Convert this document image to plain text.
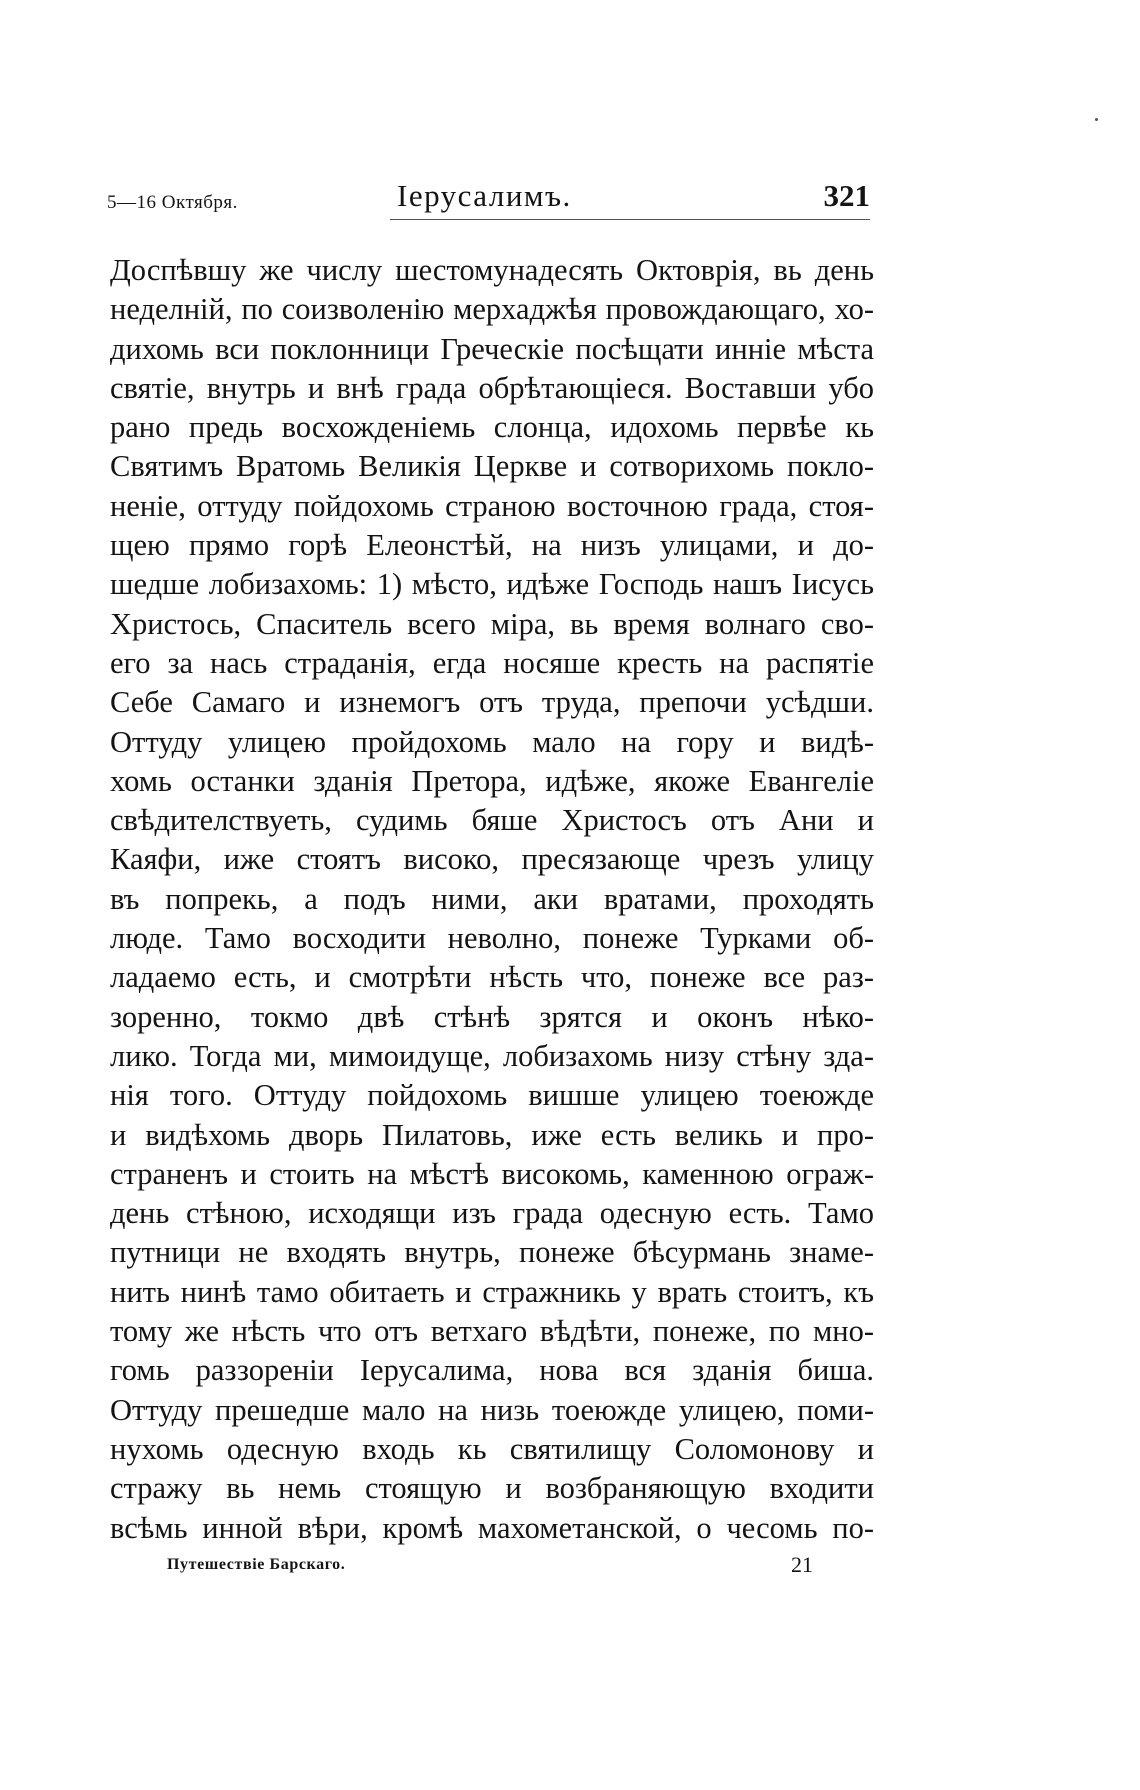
5—16 Октября.	Іерусалимъ.	321
Доспѣвшу же числу шестомунадесять Октоврія, вь день
неделній, по соизволенію мерхаджѣя провождающаго, хо-
дихомь вси поклонници Греческіе посѣщати инніе мѣста
святіе, внутрь и внѣ града обрѣтающіеся. Воставши убо
рано предь восхожденіемь слонца, идохомь первѣе кь
Святимъ Вратомь Великія Церкве и сотворихомь покло-
неніе, оттуду пойдохомь страною восточною града, стоя-
щею прямо горѣ Елеонстѣй, на низъ улицами, и до-
шедше лобизахомь: 1) мѣсто, идѣже Господь нашъ Іисусь
Христось, Спаситель всего міра, вь время волнаго сво-
его за нась страданія, егда носяше кресть на распятіе
Себе Самаго и изнемогъ отъ труда, препочи усѣдши.
Оттуду улицею пройдохомь мало на гору и видѣ-
хомь останки зданія Претора, идѣже, якоже Евангеліе
свѣдителствуеть, судимь бяше Христосъ отъ Ани и
Каяфи, иже стоятъ високо, пресязающе чрезъ улицу
въ попрекь, а подъ ними, аки вратами, проходять
люде. Тамо восходити неволно, понеже Турками об-
ладаемо есть, и смотрѣти нѣсть что, понеже все раз-
зоренно, токмо двѣ стѣнѣ зрятся и оконъ нѣко-
лико. Тогда ми, мимоидуще, лобизахомь низу стѣну зда-
нія того. Оттуду пойдохомь вишше улицею тоеюжде
и видѣхомь дворь Пилатовь, иже есть великь и про-
страненъ и стоить на мѣстѣ високомь, каменною ограж-
день стѣною, исходящи изъ града одесную есть. Тамо
путници не входять внутрь, понеже бѣсурмань знаме-
нить нинѣ тамо обитаеть и стражникь у врать стоитъ, къ
тому же нѣсть что отъ ветхаго вѣдѣти, понеже, по мно-
гомь раззореніи Іерусалима, нова вся зданія биша.
Оттуду прешедше мало на низь тоеюжде улицею, поми-
нухомь одесную входь кь святилищу Соломонову и
стражу вь немь стоящую и возбраняющую входити
всѣмь инной вѣри, кромѣ махометанской, о чесомь по-
Путешествіе Барскаго.	21
